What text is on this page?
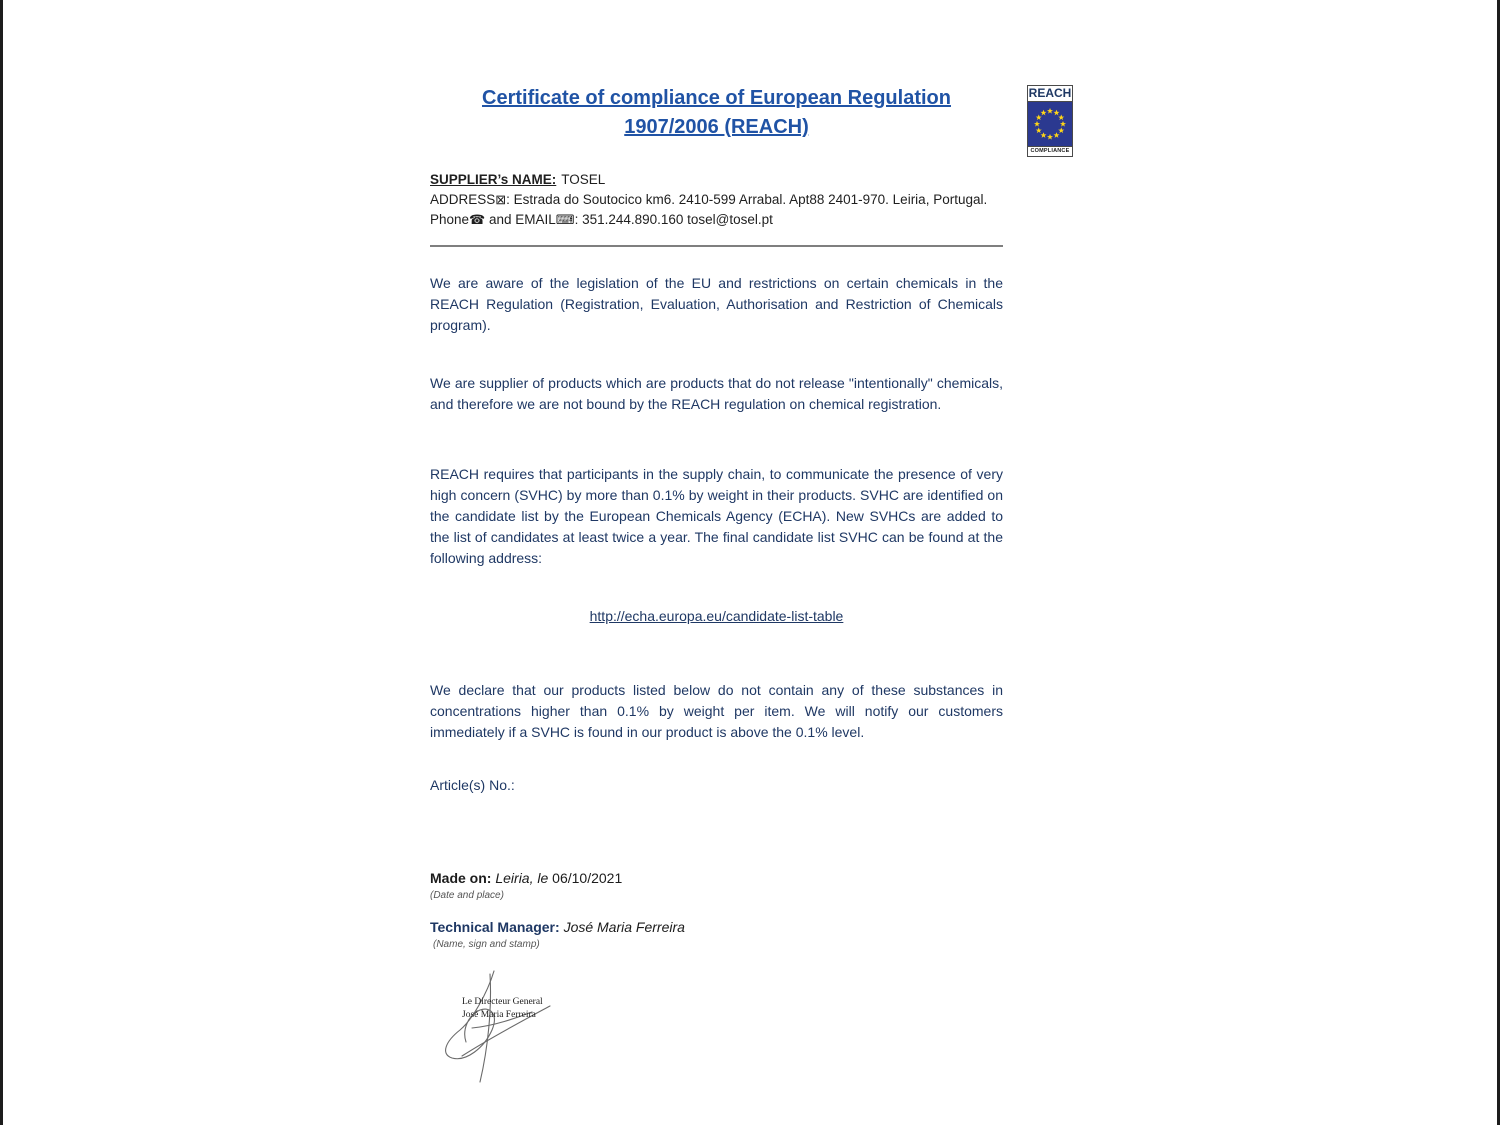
REACH
COMPLIANCE
Certificate of compliance of European Regulation
1907/2006 (REACH)

SUPPLIER’s NAME: TOSEL

ADDRESS⊠: Estrada do Soutocico km6. 2410-599 Arrabal. Apt88 2401-970. Leiria, Portugal.

Phone☎ and EMAIL⌨: 351.244.890.160 tosel@tosel.pt

We are aware of the legislation of the EU and restrictions on certain chemicals in the REACH Regulation (Registration, Evaluation, Authorisation and Restriction of Chemicals program).

We are supplier of products which are products that do not release "intentionally" chemicals, and therefore we are not bound by the REACH regulation on chemical registration.

REACH requires that participants in the supply chain, to communicate the presence of very high concern (SVHC) by more than 0.1% by weight in their products. SVHC are identified on the candidate list by the European Chemicals Agency (ECHA). New SVHCs are added to the list of candidates at least twice a year. The final candidate list SVHC can be found at the following address:

http://echa.europa.eu/candidate-list-table

We declare that our products listed below do not contain any of these substances in concentrations higher than 0.1% by weight per item. We will notify our customers immediately if a SVHC is found in our product is above the 0.1% level.

Article(s) No.:

Made on: Leiria, le 06/10/2021

(Date and place)

Technical Manager: José Maria Ferreira

(Name, sign and stamp)

Le Directeur General
José Maria Ferreira
